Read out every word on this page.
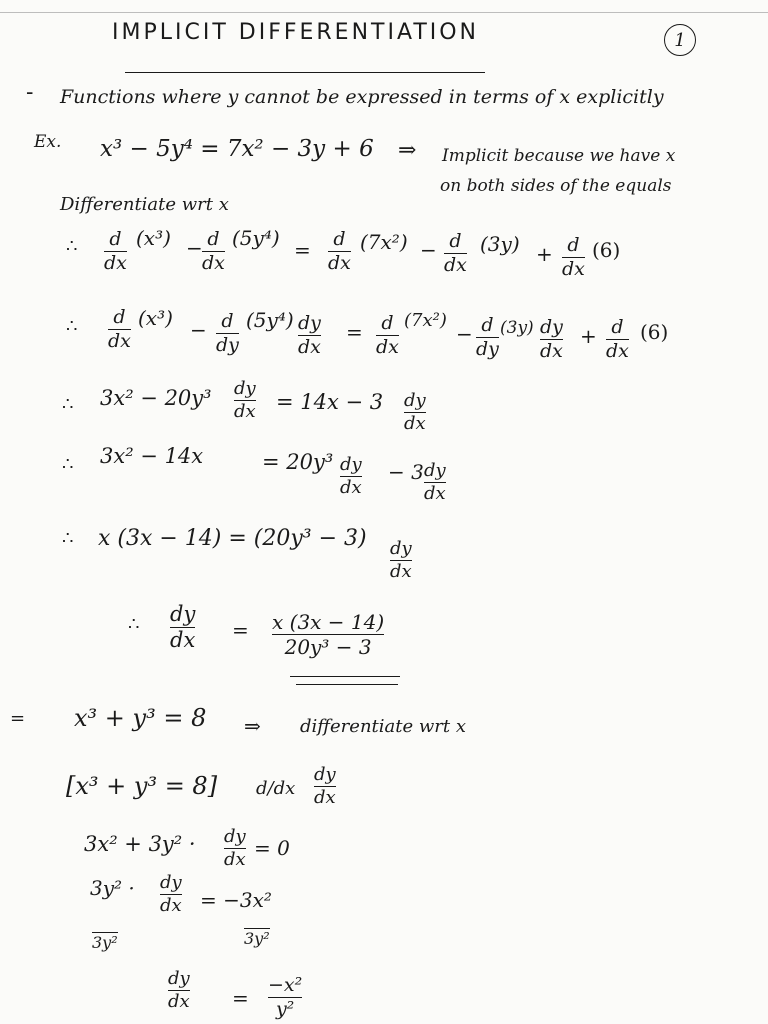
IMPLICIT DIFFERENTIATION	1
- Functions where y cannot be expressed in terms of x explicitly
Ex. x³ − 5y⁴ = 7x² − 3y + 6 ⇒ Implicit because we have x
on both sides of the equals
Differentiate wrt x
∴ d
dx
(x³) − d
dx
(5y⁴) = d
dx
(7x²) − d
dx
(3y) + d
dx
(6)
∴ d
dx
(x³) − d
dy
(5y⁴) dy
dx
= d
dx
(7x²)
− d
dy
(3y) dy
dx
+ d
dx
(6)
∴ 3x² − 20y³ dy
dx = 14x − 3 dy
dx
∴ 3x² − 14x	= 20y³ dy
dx
− 3 dy
dx
∴ x (3x − 14) = (20y³ − 3) dy
dx
∴ dy
dx = x (3x − 14)
20y³ − 3
= x³ + y³ = 8 ⇒ differentiate wrt x
[x³ + y³ = 8] d/dx
dy
dx
3x² + 3y² · dy
dx = 0
3y² · dy
dx = −3x²
3y²	3y²
dy
dx =
−x²
y²
